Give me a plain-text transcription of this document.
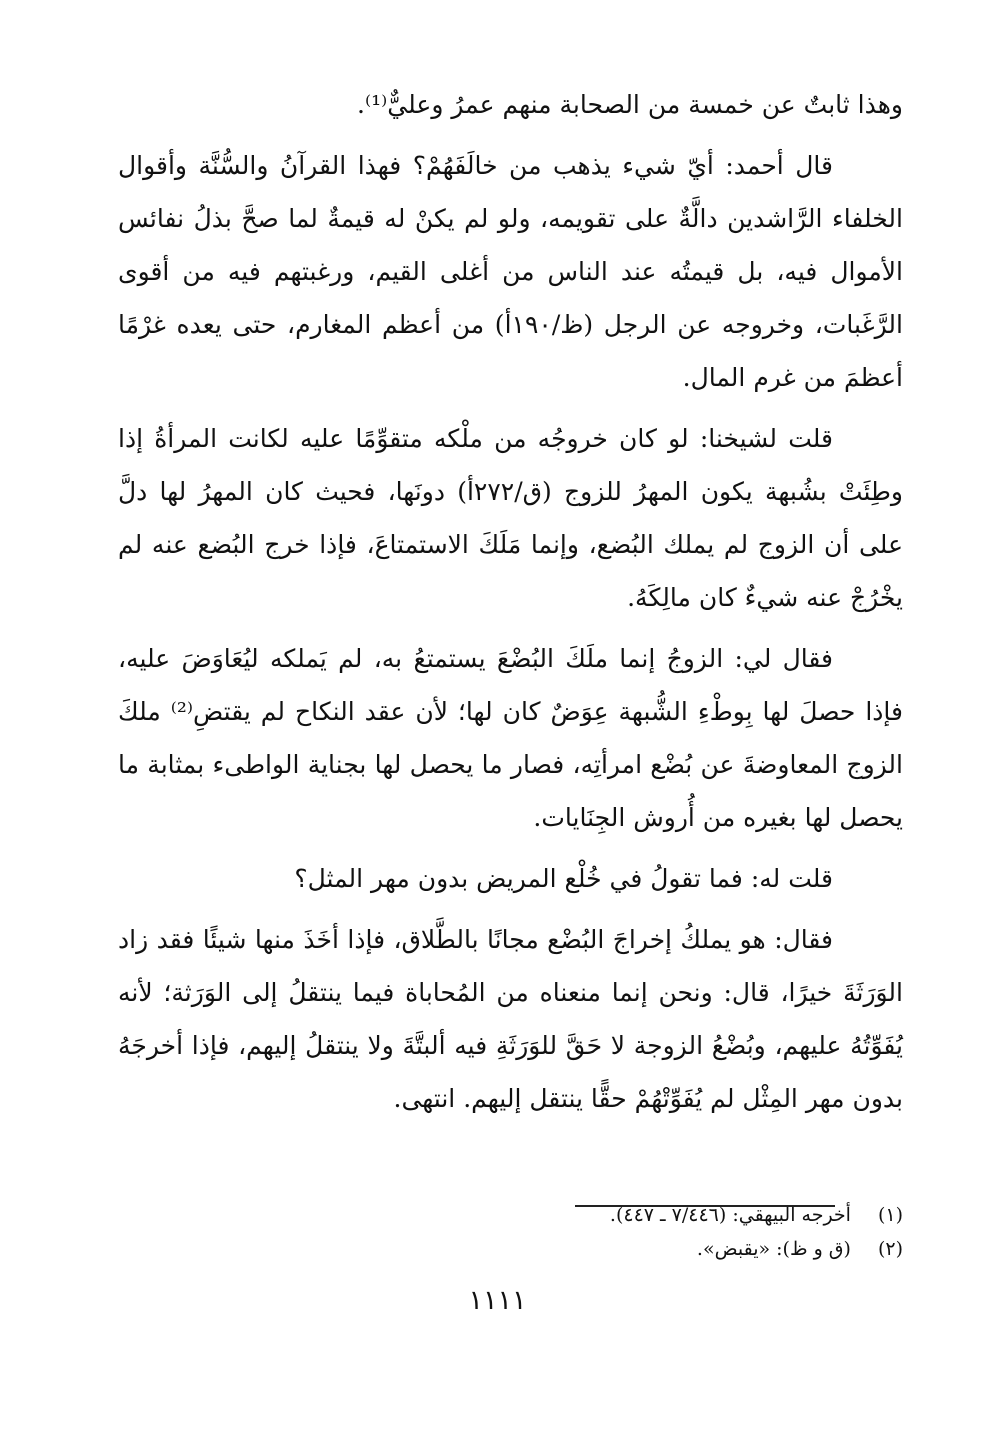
وهذا ثابتٌ عن خمسة من الصحابة منهم عمرُ وعليٌّ⁽¹⁾.

قال أحمد: أيّ شيء يذهب من خالَفَهُمْ؟ فهذا القرآنُ والسُّنَّة وأقوال الخلفاء الرَّاشدين دالَّةٌ على تقويمه، ولو لم يكنْ له قيمةٌ لما صحَّ بذلُ نفائس الأموال فيه، بل قيمتُه عند الناس من أغلى القيم، ورغبتهم فيه من أقوى الرَّغَبات، وخروجه عن الرجل (ظ/١٩٠أ) من أعظم المغارم، حتى يعده غرْمًا أعظمَ من غرم المال.

قلت لشيخنا: لو كان خروجُه من ملْكه متقوِّمًا عليه لكانت المرأةُ إذا وطِئَتْ بشُبهة يكون المهرُ للزوج (ق/٢٧٢أ) دونَها، فحيث كان المهرُ لها دلَّ على أن الزوج لم يملك البُضع، وإنما مَلَكَ الاستمتاعَ، فإذا خرج البُضع عنه لم يخْرُجْ عنه شيءٌ كان مالِكَهُ.

فقال لي: الزوجُ إنما ملَكَ البُضْعَ يستمتعُ به، لم يَملكه ليُعَاوَضَ عليه، فإذا حصلَ لها بِوطْءِ الشُّبهة عِوَضٌ كان لها؛ لأن عقد النكاح لم يقتضِ⁽²⁾ ملكَ الزوج المعاوضةَ عن بُضْع امرأتِه، فصار ما يحصل لها بجناية الواطىء بمثابة ما يحصل لها بغيره من أُروش الجِنَايات.

قلت له: فما تقولُ في خُلْع المريض بدون مهر المثل؟

فقال: هو يملكُ إخراجَ البُضْع مجانًا بالطَّلاق، فإذا أخَذَ منها شيئًا فقد زاد الوَرَثَةَ خيرًا، قال: ونحن إنما منعناه من المُحاباة فيما ينتقلُ إلى الوَرَثة؛ لأنه يُفَوِّتُهُ عليهم، وبُضْعُ الزوجة لا حَقَّ للوَرَثَةِ فيه ألبتَّةَ ولا ينتقلُ إليهم، فإذا أخرجَهُ بدون مهر المِثْل لم يُفَوِّتْهُمْ حقًّا ينتقل إليهم. انتهى.

(١) أخرجه البيهقي: (٧/٤٤٦ ـ ٤٤٧).
(٢) (ق و ظ): «يقبض».
١١١١
